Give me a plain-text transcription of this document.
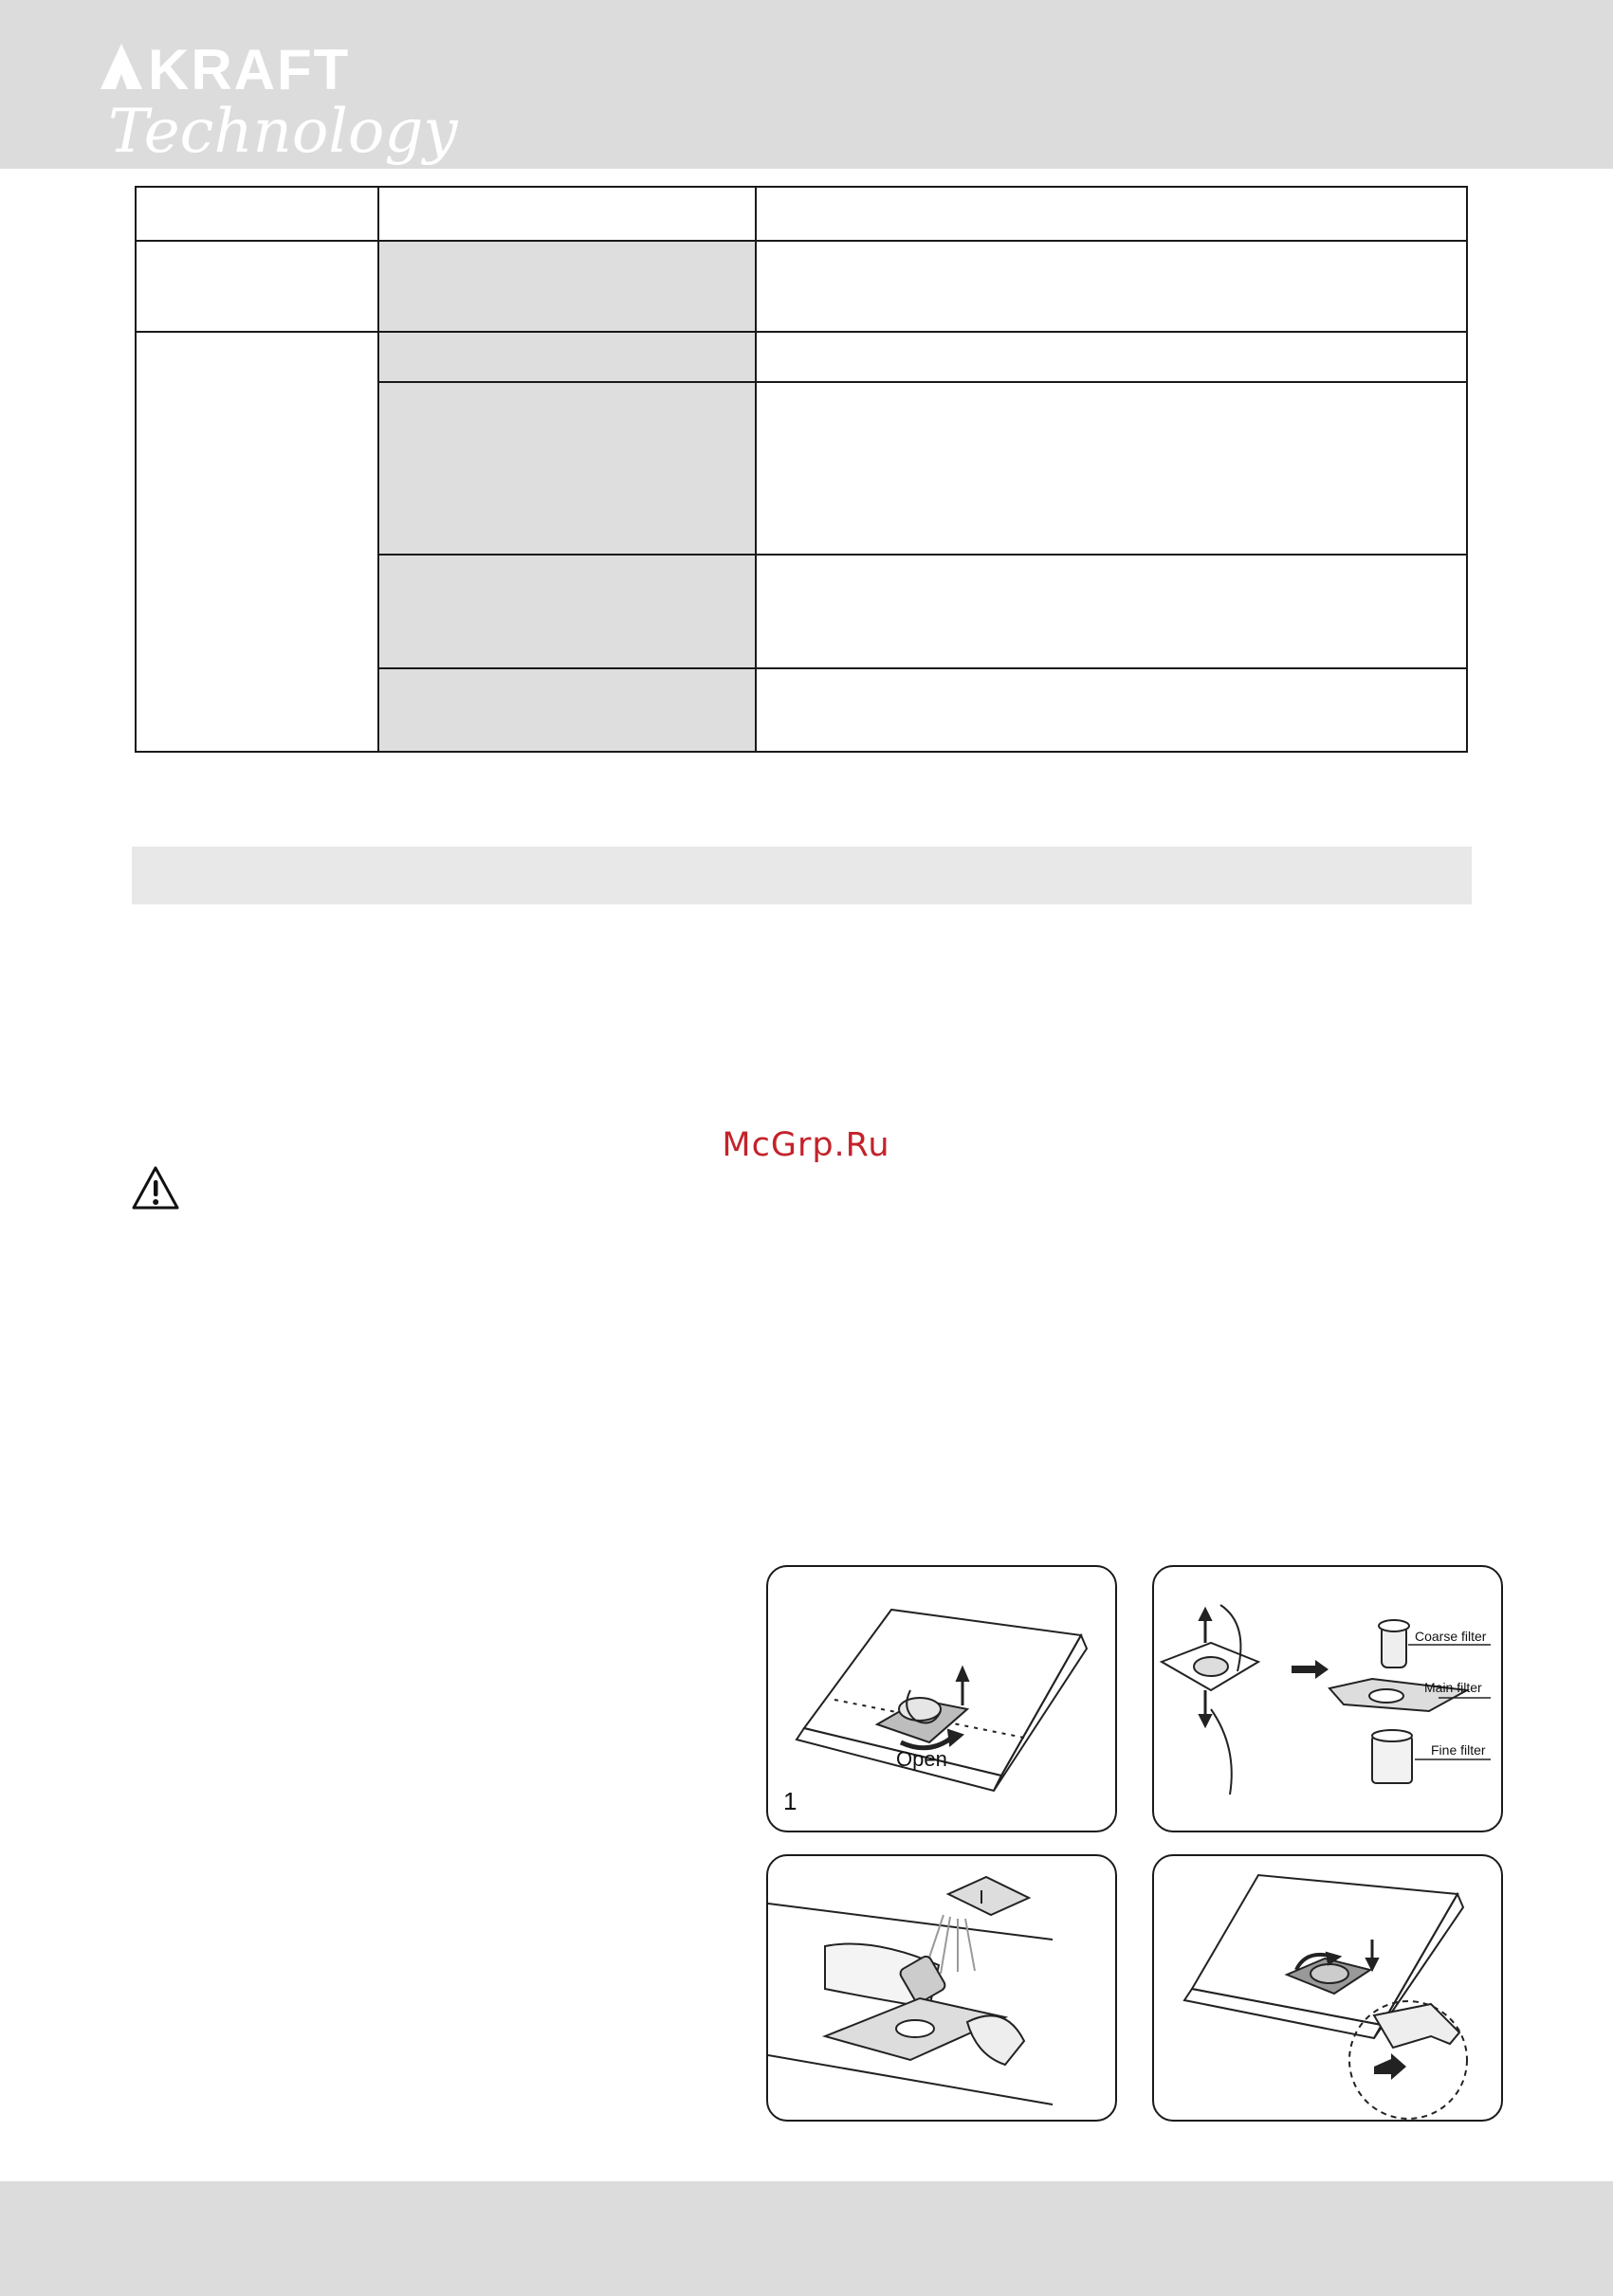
KRAFT
Technology

McGrp.Ru
Open
1
Coarse filter
Main filter
Fine filter
